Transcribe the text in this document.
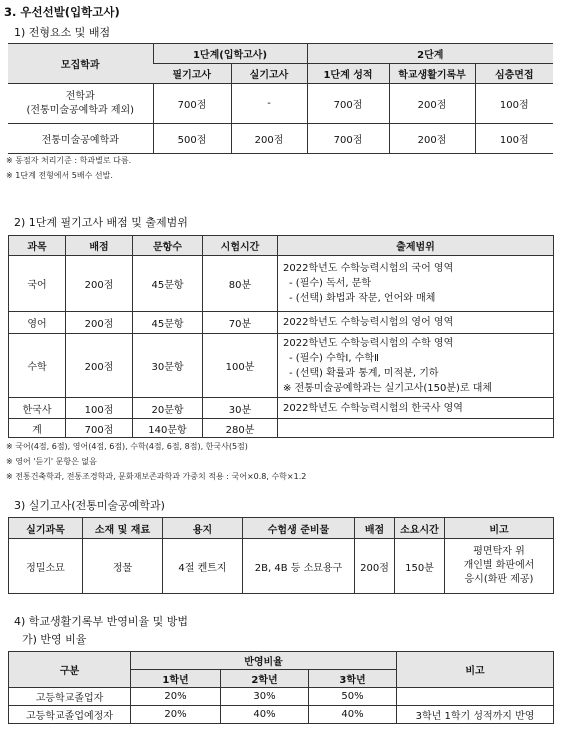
3. 우선선발(입학고사)
1) 전형요소 및 배점
모집학과	1단계(입학고사)		2단계		
	필기고사	실기고사	1단계 성적	학교생활기록부	심층면접

전학과
(전통미술공예학과 제외)	700점	-	700점	200점	100점
전통미술공예학과	500점	200점	700점	200점	100점
※ 동점자 처리기준 : 학과별로 다름.
※ 1단계 전형에서 5배수 선발.
2) 1단계 필기고사 배점 및 출제범위
과목	배점	문항수	시험시간	출제범위
국어	200점	45문항	80분	2022학년도 수학능력시험의 국어 영역
- (필수) 독서, 문학
- (선택) 화법과 작문, 언어와 매체

영어	200점	45문항	70분	2022학년도 수학능력시험의 영어 영역

수학	200점	30문항	100분	2022학년도 수학능력시험의 수학 영역
- (필수) 수학Ⅰ, 수학Ⅱ
- (선택) 확률과 통계, 미적분, 기하
※ 전통미술공예학과는 실기고사(150분)로 대체

한국사	100점	20문항	30분	2022학년도 수학능력시험의 한국사 영역

계	700점	140문항	280분	
※ 국어(4점, 6점), 영어(4점, 6점), 수학(4점, 6점, 8점), 한국사(5점)
※ 영어 '듣기' 문항은 없음
※ 전통건축학과, 전통조경학과, 문화재보존과학과 가중치 적용 : 국어×0.8, 수학×1.2
3) 실기고사(전통미술공예학과)
실기과목	소재 및 재료	용지	수험생 준비물	배점	소요시간	비고
정밀소묘	정물	4절 켄트지	2B, 4B 등 소묘용구	200점	150분	평면탁자 위
개인별 화판에서
응시(화판 제공)
4) 학교생활기록부 반영비율 및 방법
가) 반영 비율
구분	반영비율			비고
	1학년	2학년	3학년	
고등학교졸업자	20%	30%	50%	
고등학교졸업예정자	20%	40%	40%	3학년 1학기 성적까지 반영
